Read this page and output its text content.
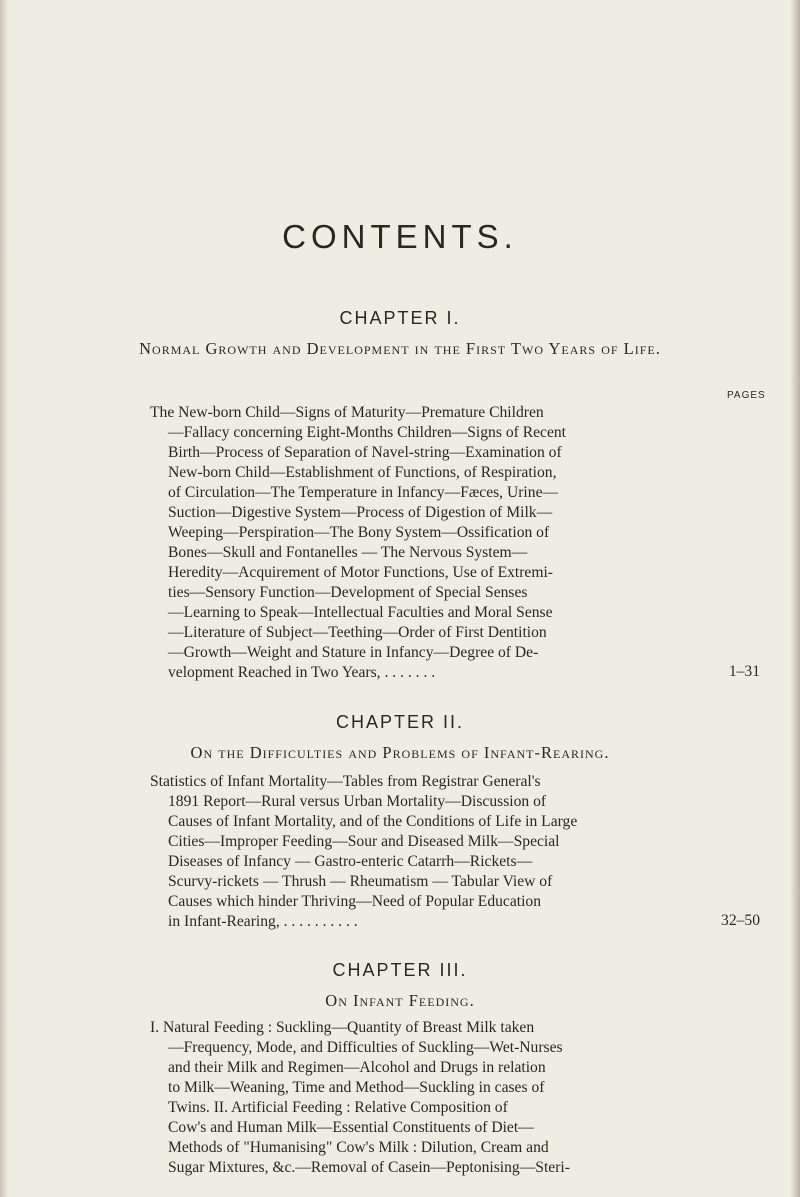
CONTENTS.
CHAPTER I.

Normal Growth and Development in the First Two Years of Life.

PAGES
The New-born Child—Signs of Maturity—Premature Children
—Fallacy concerning Eight-Months Children—Signs of Recent
Birth—Process of Separation of Navel-string—Examination of
New-born Child—Establishment of Functions, of Respiration,
of Circulation—The Temperature in Infancy—Fæces, Urine—
Suction—Digestive System—Process of Digestion of Milk—
Weeping—Perspiration—The Bony System—Ossification of
Bones—Skull and Fontanelles — The Nervous System—
Heredity—Acquirement of Motor Functions, Use of Extremi-
ties—Sensory Function—Development of Special Senses
—Learning to Speak—Intellectual Faculties and Moral Sense
—Literature of Subject—Teething—Order of First Dentition
—Growth—Weight and Stature in Infancy—Degree of De-
velopment Reached in Two Years, . . . . . . .	1–31
CHAPTER II.

On the Difficulties and Problems of Infant-Rearing.

Statistics of Infant Mortality—Tables from Registrar General's
1891 Report—Rural versus Urban Mortality—Discussion of
Causes of Infant Mortality, and of the Conditions of Life in Large
Cities—Improper Feeding—Sour and Diseased Milk—Special
Diseases of Infancy — Gastro-enteric Catarrh—Rickets—
Scurvy-rickets — Thrush — Rheumatism — Tabular View of
Causes which hinder Thriving—Need of Popular Education
in Infant-Rearing, . . . . . . . . . .	32–50
CHAPTER III.

On Infant Feeding.

I. Natural Feeding : Suckling—Quantity of Breast Milk taken
—Frequency, Mode, and Difficulties of Suckling—Wet-Nurses
and their Milk and Regimen—Alcohol and Drugs in relation
to Milk—Weaning, Time and Method—Suckling in cases of
Twins. II. Artificial Feeding : Relative Composition of
Cow's and Human Milk—Essential Constituents of Diet—
Methods of "Humanising" Cow's Milk : Dilution, Cream and
Sugar Mixtures, &c.—Removal of Casein—Peptonising—Steri-
